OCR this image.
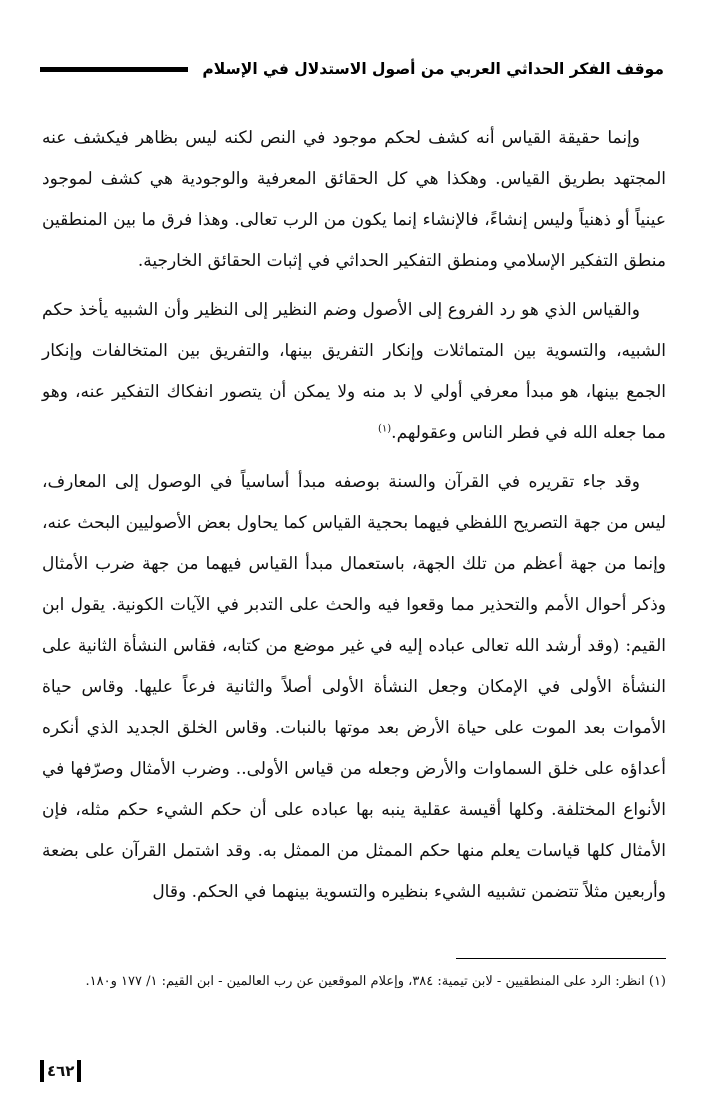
موقف الفكر الحداثي العربي من أصول الاستدلال في الإسلام

وإنما حقيقة القياس أنه كشف لحكم موجود في النص لكنه ليس بظاهر فيكشف عنه المجتهد بطريق القياس. وهكذا هي كل الحقائق المعرفية والوجودية هي كشف لموجود عينياً أو ذهنياً وليس إنشاءً، فالإنشاء إنما يكون من الرب تعالى. وهذا فرق ما بين المنطقين منطق التفكير الإسلامي ومنطق التفكير الحداثي في إثبات الحقائق الخارجية.

والقياس الذي هو رد الفروع إلى الأصول وضم النظير إلى النظير وأن الشبيه يأخذ حكم الشبيه، والتسوية بين المتماثلات وإنكار التفريق بينها، والتفريق بين المتخالفات وإنكار الجمع بينها، هو مبدأ معرفي أولي لا بد منه ولا يمكن أن يتصور انفكاك التفكير عنه، وهو مما جعله الله في فطر الناس وعقولهم.$^{(١)}$

وقد جاء تقريره في القرآن والسنة بوصفه مبدأ أساسياً في الوصول إلى المعارف، ليس من جهة التصريح اللفظي فيهما بحجية القياس كما يحاول بعض الأصوليين البحث عنه، وإنما من جهة أعظم من تلك الجهة، باستعمال مبدأ القياس فيهما من جهة ضرب الأمثال وذكر أحوال الأمم والتحذير مما وقعوا فيه والحث على التدبر في الآيات الكونية. يقول ابن القيم: (وقد أرشد الله تعالى عباده إليه في غير موضع من كتابه، فقاس النشأة الثانية على النشأة الأولى في الإمكان وجعل النشأة الأولى أصلاً والثانية فرعاً عليها. وقاس حياة الأموات بعد الموت على حياة الأرض بعد موتها بالنبات. وقاس الخلق الجديد الذي أنكره أعداؤه على خلق السماوات والأرض وجعله من قياس الأولى.. وضرب الأمثال وصرّفها في الأنواع المختلفة. وكلها أقيسة عقلية ينبه بها عباده على أن حكم الشيء حكم مثله، فإن الأمثال كلها قياسات يعلم منها حكم الممثل من الممثل به. وقد اشتمل القرآن على بضعة وأربعين مثلاً تتضمن تشبيه الشيء بنظيره والتسوية بينهما في الحكم. وقال

(١) انظر: الرد على المنطقيين - لابن تيمية: ٣٨٤، وإعلام الموقعين عن رب العالمين - ابن القيم: ١/ ١٧٧ و١٨٠.
٤٦٢
